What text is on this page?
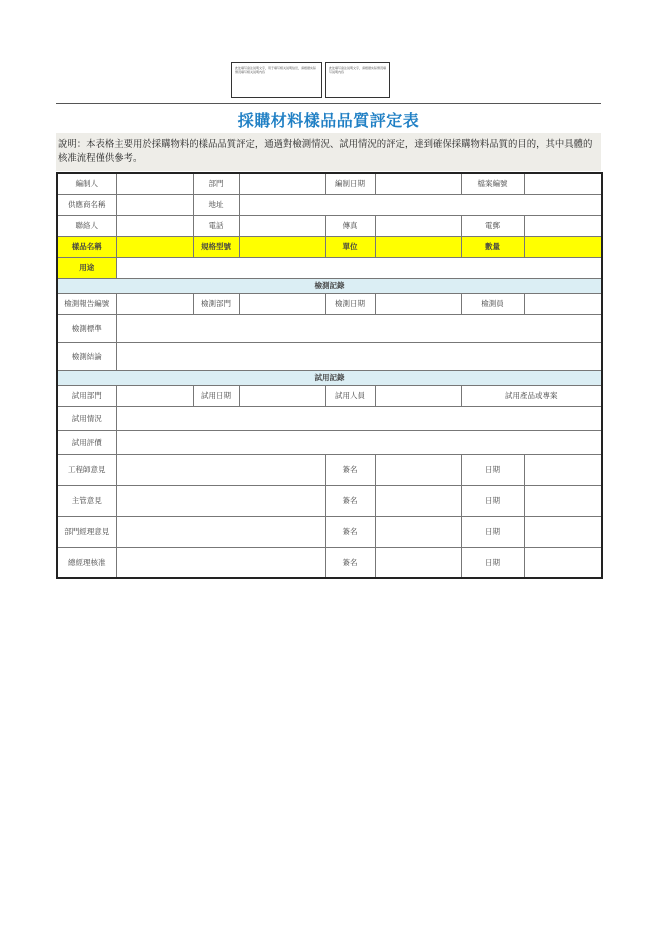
此处填写备注说明文字，用于填写相关说明信息，请根据实际情况填写相关说明内容
此处填写备注说明文字，请根据实际情况填写说明内容
採購材料樣品品質評定表
說明：本表格主要用於採購物料的樣品品質評定，通過對檢測情況、試用情況的評定，達到確保採購物料品質的目的，其中具體的核准流程僅供參考。
編制人		部門		編制日期		檔案編號	
供應商名稱		地址					
聯絡人		電話		傳真		電郵	
樣品名稱		規格型號		單位		數量	
用途							
檢測記錄							
檢測報告編號		檢測部門		檢測日期		檢測員	
檢測標準							
檢測結論							
試用記錄							
試用部門		試用日期		試用人員		試用產品或專案	
試用情況							
試用評價							
工程師意見				簽名		日期	
主管意見				簽名		日期	
部門經理意見				簽名		日期	
總經理核准				簽名		日期	
